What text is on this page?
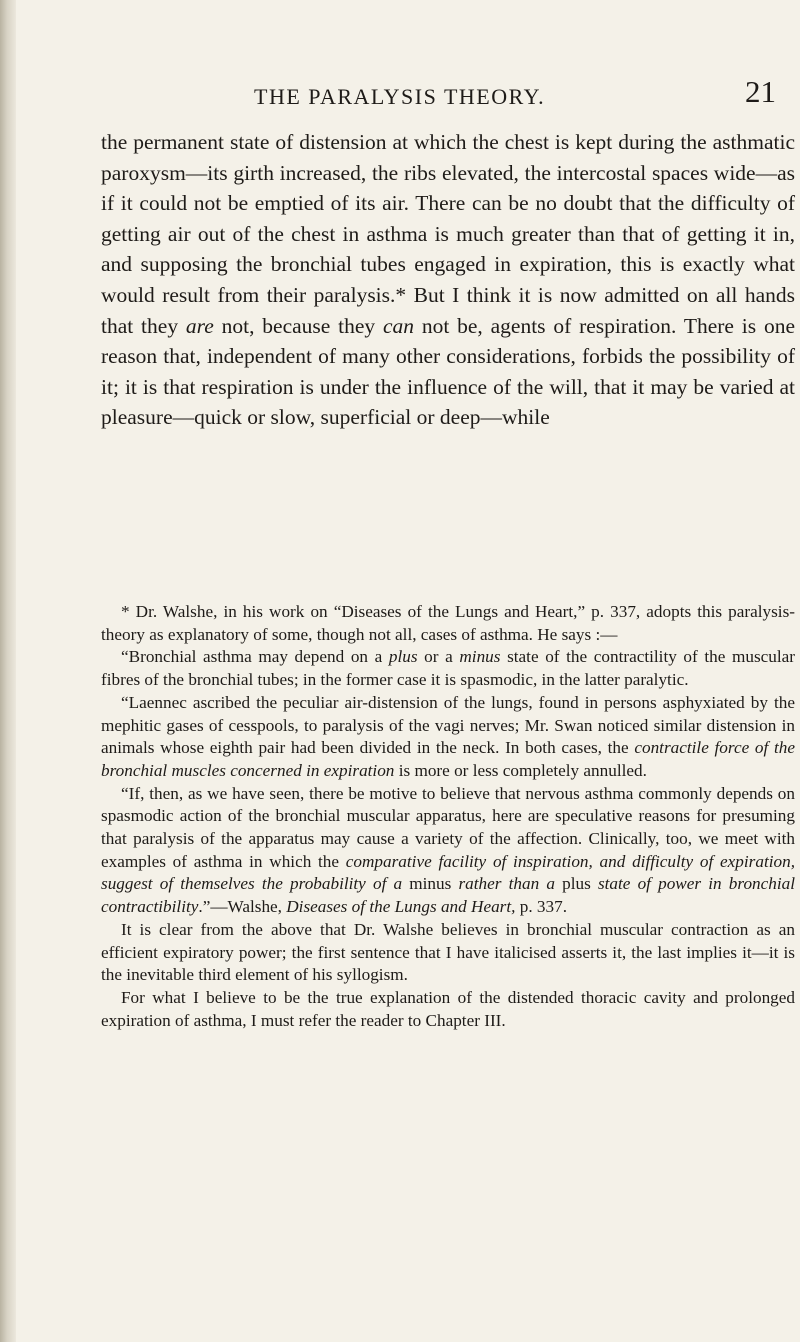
THE PARALYSIS THEORY.	21

the permanent state of distension at which the chest is kept during the asthmatic paroxysm—its girth increased, the ribs elevated, the intercostal spaces wide—as if it could not be emptied of its air. There can be no doubt that the difficulty of getting air out of the chest in asthma is much greater than that of getting it in, and supposing the bronchial tubes engaged in expiration, this is exactly what would result from their paralysis.* But I think it is now admitted on all hands that they are not, because they can not be, agents of respiration. There is one reason that, independent of many other considerations, forbids the possibility of it; it is that respiration is under the influence of the will, that it may be varied at pleasure—quick or slow, superficial or deep—while

* Dr. Walshe, in his work on “Diseases of the Lungs and Heart,” p. 337, adopts this paralysis-theory as explanatory of some, though not all, cases of asthma. He says :—

“Bronchial asthma may depend on a plus or a minus state of the contractility of the muscular fibres of the bronchial tubes; in the former case it is spasmodic, in the latter paralytic.

“Laennec ascribed the peculiar air-distension of the lungs, found in persons asphyxiated by the mephitic gases of cesspools, to paralysis of the vagi nerves; Mr. Swan noticed similar distension in animals whose eighth pair had been divided in the neck. In both cases, the contractile force of the bronchial muscles concerned in expiration is more or less completely annulled.

“If, then, as we have seen, there be motive to believe that nervous asthma commonly depends on spasmodic action of the bronchial muscular apparatus, here are speculative reasons for presuming that paralysis of the apparatus may cause a variety of the affection. Clinically, too, we meet with examples of asthma in which the comparative facility of inspiration, and difficulty of expiration, suggest of themselves the probability of a minus rather than a plus state of power in bronchial contractibility.”—Walshe, Diseases of the Lungs and Heart, p. 337.

It is clear from the above that Dr. Walshe believes in bronchial muscular contraction as an efficient expiratory power; the first sentence that I have italicised asserts it, the last implies it—it is the inevitable third element of his syllogism.

For what I believe to be the true explanation of the distended thoracic cavity and prolonged expiration of asthma, I must refer the reader to Chapter III.
